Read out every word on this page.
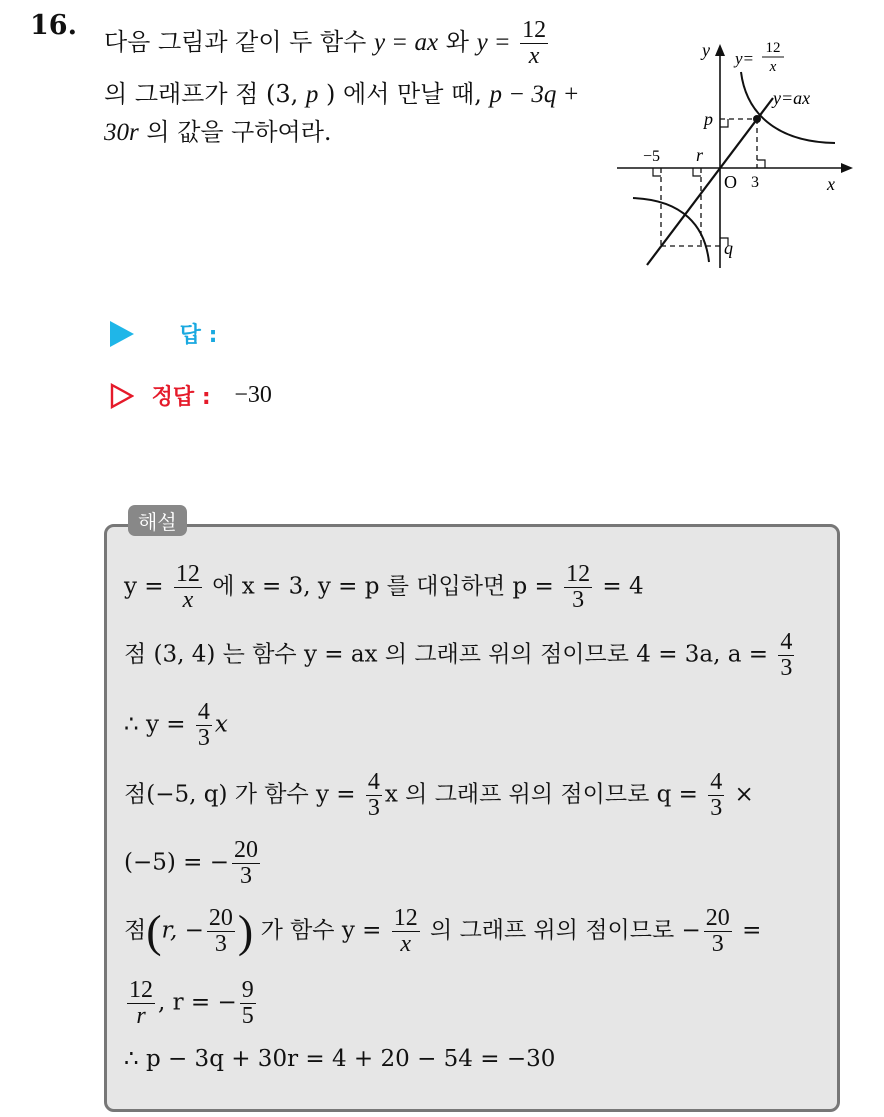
16.
다음 그림과 같이 두 함수 y = ax 와 $y = \frac{12}{x}$
의 그래프가 점 (3, p ) 에서 만날 때, p − 3q +
30r 의 값을 구하여라.
y
x
O
y=
12
x
y=ax
p
q
r
−5
3
답 :
정답 : −30
해설
$y = \frac{12}{x}$ 에 x = 3, y = p 를 대입하면 $p = \frac{12}{3} = 4$
점 (3, 4) 는 함수 y = ax 의 그래프 위의 점이므로 4 = 3a, $a = \frac{4}{3}$
∴ $y = \frac{4}{3}$ x
점(−5, q) 가 함수 $y = \frac{4}{3}$ x 의 그래프 위의 점이므로 $q = \frac{4}{3}$ ×
(−5) = − $\frac{20}{3}$
점(r, − $\frac{20}{3}$ ) 가 함수 $y = \frac{12}{x}$ 의 그래프 위의 점이므로 − $\frac{20}{3}$ =
$\frac{12}{r}$ , r = − $\frac{9}{5}$
∴ p − 3q + 30r = 4 + 20 − 54 = −30
